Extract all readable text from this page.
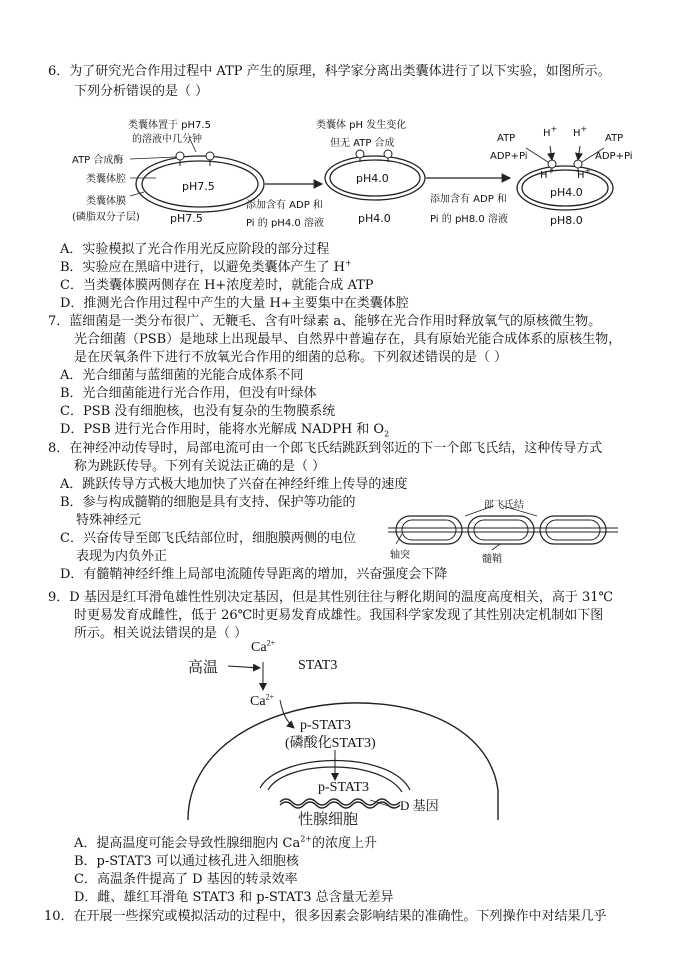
6．为了研究光合作用过程中 ATP 产生的原理，科学家分离出类囊体进行了以下实验，如图所示。
下列分析错误的是（ ）
类囊体置于 pH7.5
的溶液中几分钟
ATP 合成酶
类囊体腔
类囊体膜
(磷脂双分子层)
pH7.5
pH7.5
添加含有 ADP 和
Pi 的 pH4.0 溶液
类囊体 pH 发生变化
但无 ATP 合成
pH4.0
pH4.0
添加含有 ADP 和
Pi 的 pH8.0 溶液
ATP
ADP+Pi
ATP
ADP+Pi
H+ H+
H+ H+
pH4.0
pH8.0
A．实验模拟了光合作用光反应阶段的部分过程
B．实验应在黑暗中进行，以避免类囊体产生了 H+
C．当类囊体膜两侧存在 H+浓度差时，就能合成 ATP
D．推测光合作用过程中产生的大量 H+主要集中在类囊体腔
7．蓝细菌是一类分布很广、无鞭毛、含有叶绿素 a、能够在光合作用时释放氧气的原核微生物。
光合细菌（PSB）是地球上出现最早、自然界中普遍存在，具有原始光能合成体系的原核生物，
是在厌氧条件下进行不放氧光合作用的细菌的总称。下列叙述错误的是（ ）
A．光合细菌与蓝细菌的光能合成体系不同
B．光合细菌能进行光合作用，但没有叶绿体
C．PSB 没有细胞核，也没有复杂的生物膜系统
D．PSB 进行光合作用时，能将水光解成 NADPH 和 $O_2$
8．在神经冲动传导时，局部电流可由一个郎飞氏结跳跃到邻近的下一个郎飞氏结，这种传导方式
称为跳跃传导。下列有关说法正确的是（ ）
A．跳跃传导方式极大地加快了兴奋在神经纤维上传导的速度
B．参与构成髓鞘的细胞是具有支持、保护等功能的
特殊神经元
C．兴奋传导至郎飞氏结部位时，细胞膜两侧的电位
表现为内负外正
D．有髓鞘神经纤维上局部电流随传导距离的增加，兴奋强度会下降
郎飞氏结
轴突	髓鞘
9．D 基因是红耳滑龟雄性性别决定基因，但是其性别往往与孵化期间的温度高度相关，高于 31℃
时更易发育成雌性，低于 26℃时更易发育成雄性。我国科学家发现了其性别决定机制如下图
所示。相关说法错误的是（ ）
$Ca^{2+}$
高温	STAT3
$Ca^{2+}$
p-STAT3
(磷酸化STAT3)
p-STAT3
D 基因
性腺细胞
A．提高温度可能会导致性腺细胞内 $Ca^{2+}$的浓度上升
B．p-STAT3 可以通过核孔进入细胞核
C．高温条件提高了 D 基因的转录效率
D．雌、雄红耳滑龟 STAT3 和 p-STAT3 总含量无差异
10．在开展一些探究或模拟活动的过程中，很多因素会影响结果的准确性。下列操作中对结果几乎
